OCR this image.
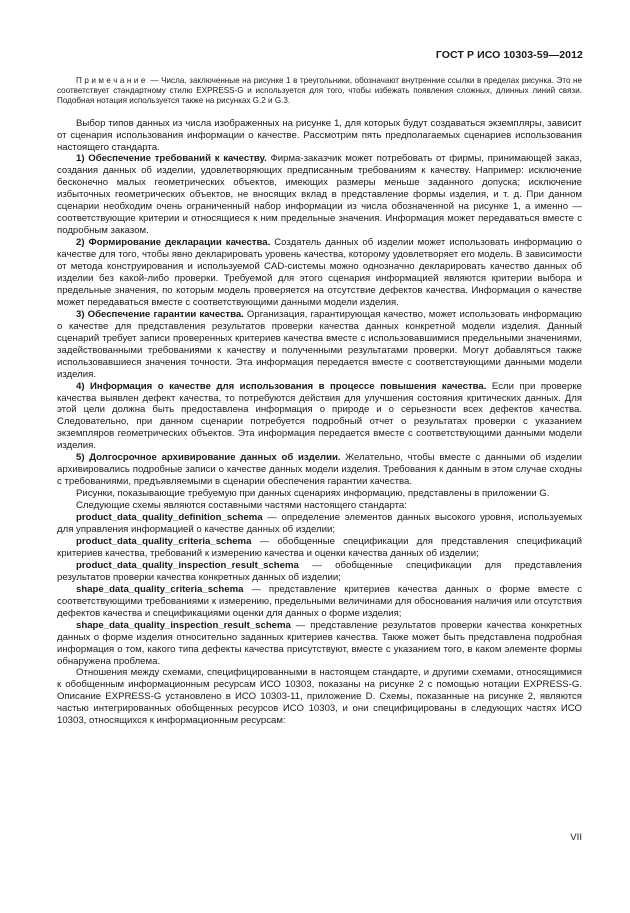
ГОСТ Р ИСО 10303-59—2012

Примечание — Числа, заключенные на рисунке 1 в треугольники, обозначают внутренние ссылки в пределах рисунка. Это не соответствует стандартному стилю EXPRESS-G и используется для того, чтобы избежать появления сложных, длинных линий связи. Подобная нотация используется также на рисунках G.2 и G.3.

Выбор типов данных из числа изображенных на рисунке 1, для которых будут создаваться экземпляры, зависит от сценария использования информации о качестве. Рассмотрим пять предполагаемых сценариев использования настоящего стандарта.

1) Обеспечение требований к качеству. Фирма-заказчик может потребовать от фирмы, принимающей заказ, создания данных об изделии, удовлетворяющих предписанным требованиям к качеству. Например: исключение бесконечно малых геометрических объектов, имеющих размеры меньше заданного допуска; исключение избыточных геометрических объектов, не вносящих вклад в представление формы изделия, и т. д. При данном сценарии необходим очень ограниченный набор информации из числа обозначенной на рисунке 1, а именно — соответствующие критерии и относящиеся к ним предельные значения. Информация может передаваться вместе с подробным заказом.

2) Формирование декларации качества. Создатель данных об изделии может использовать информацию о качестве для того, чтобы явно декларировать уровень качества, которому удовлетворяет его модель. В зависимости от метода конструирования и используемой CAD-системы можно однозначно декларировать качество данных об изделии без какой-либо проверки. Требуемой для этого сценария информацией являются критерии выбора и предельные значения, по которым модель проверяется на отсутствие дефектов качества. Информация о качестве может передаваться вместе с соответствующими данными модели изделия.

3) Обеспечение гарантии качества. Организация, гарантирующая качество, может использовать информацию о качестве для представления результатов проверки качества данных конкретной модели изделия. Данный сценарий требует записи проверенных критериев качества вместе с использовавшимися предельными значениями, задействованными требованиями к качеству и полученными результатами проверки. Могут добавляться также использовавшиеся значения точности. Эта информация передается вместе с соответствующими данными модели изделия.

4) Информация о качестве для использования в процессе повышения качества. Если при проверке качества выявлен дефект качества, то потребуются действия для улучшения состояния критических данных. Для этой цели должна быть предоставлена информация о природе и о серьезности всех дефектов качества. Следовательно, при данном сценарии потребуется подробный отчет о результатах проверки с указанием экземпляров геометрических объектов. Эта информация передается вместе с соответствующими данными модели изделия.

5) Долгосрочное архивирование данных об изделии. Желательно, чтобы вместе с данными об изделии архивировались подробные записи о качестве данных модели изделия. Требования к данным в этом случае сходны с требованиями, предъявляемыми в сценарии обеспечения гарантии качества.

Рисунки, показывающие требуемую при данных сценариях информацию, представлены в приложении G.

Следующие схемы являются составными частями настоящего стандарта:

product_data_quality_definition_schema — определение элементов данных высокого уровня, используемых для управления информацией о качестве данных об изделии;

product_data_quality_criteria_schema — обобщенные спецификации для представления спецификаций критериев качества, требований к измерению качества и оценки качества данных об изделии;

product_data_quality_inspection_result_schema — обобщенные спецификации для представления результатов проверки качества конкретных данных об изделии;

shape_data_quality_criteria_schema — представление критериев качества данных о форме вместе с соответствующими требованиями к измерению, предельными величинами для обоснования наличия или отсутствия дефектов качества и спецификациями оценки для данных о форме изделия;

shape_data_quality_inspection_result_schema — представление результатов проверки качества конкретных данных о форме изделия относительно заданных критериев качества. Также может быть представлена подробная информация о том, какого типа дефекты качества присутствуют, вместе с указанием того, в каком элементе формы обнаружена проблема.

Отношения между схемами, специфицированными в настоящем стандарте, и другими схемами, относящимися к обобщенным информационным ресурсам ИСО 10303, показаны на рисунке 2 с помощью нотации EXPRESS-G. Описание EXPRESS-G установлено в ИСО 10303-11, приложение D. Схемы, показанные на рисунке 2, являются частью интегрированных обобщенных ресурсов ИСО 10303, и они специфицированы в следующих частях ИСО 10303, относящихся к информационным ресурсам:

VII
